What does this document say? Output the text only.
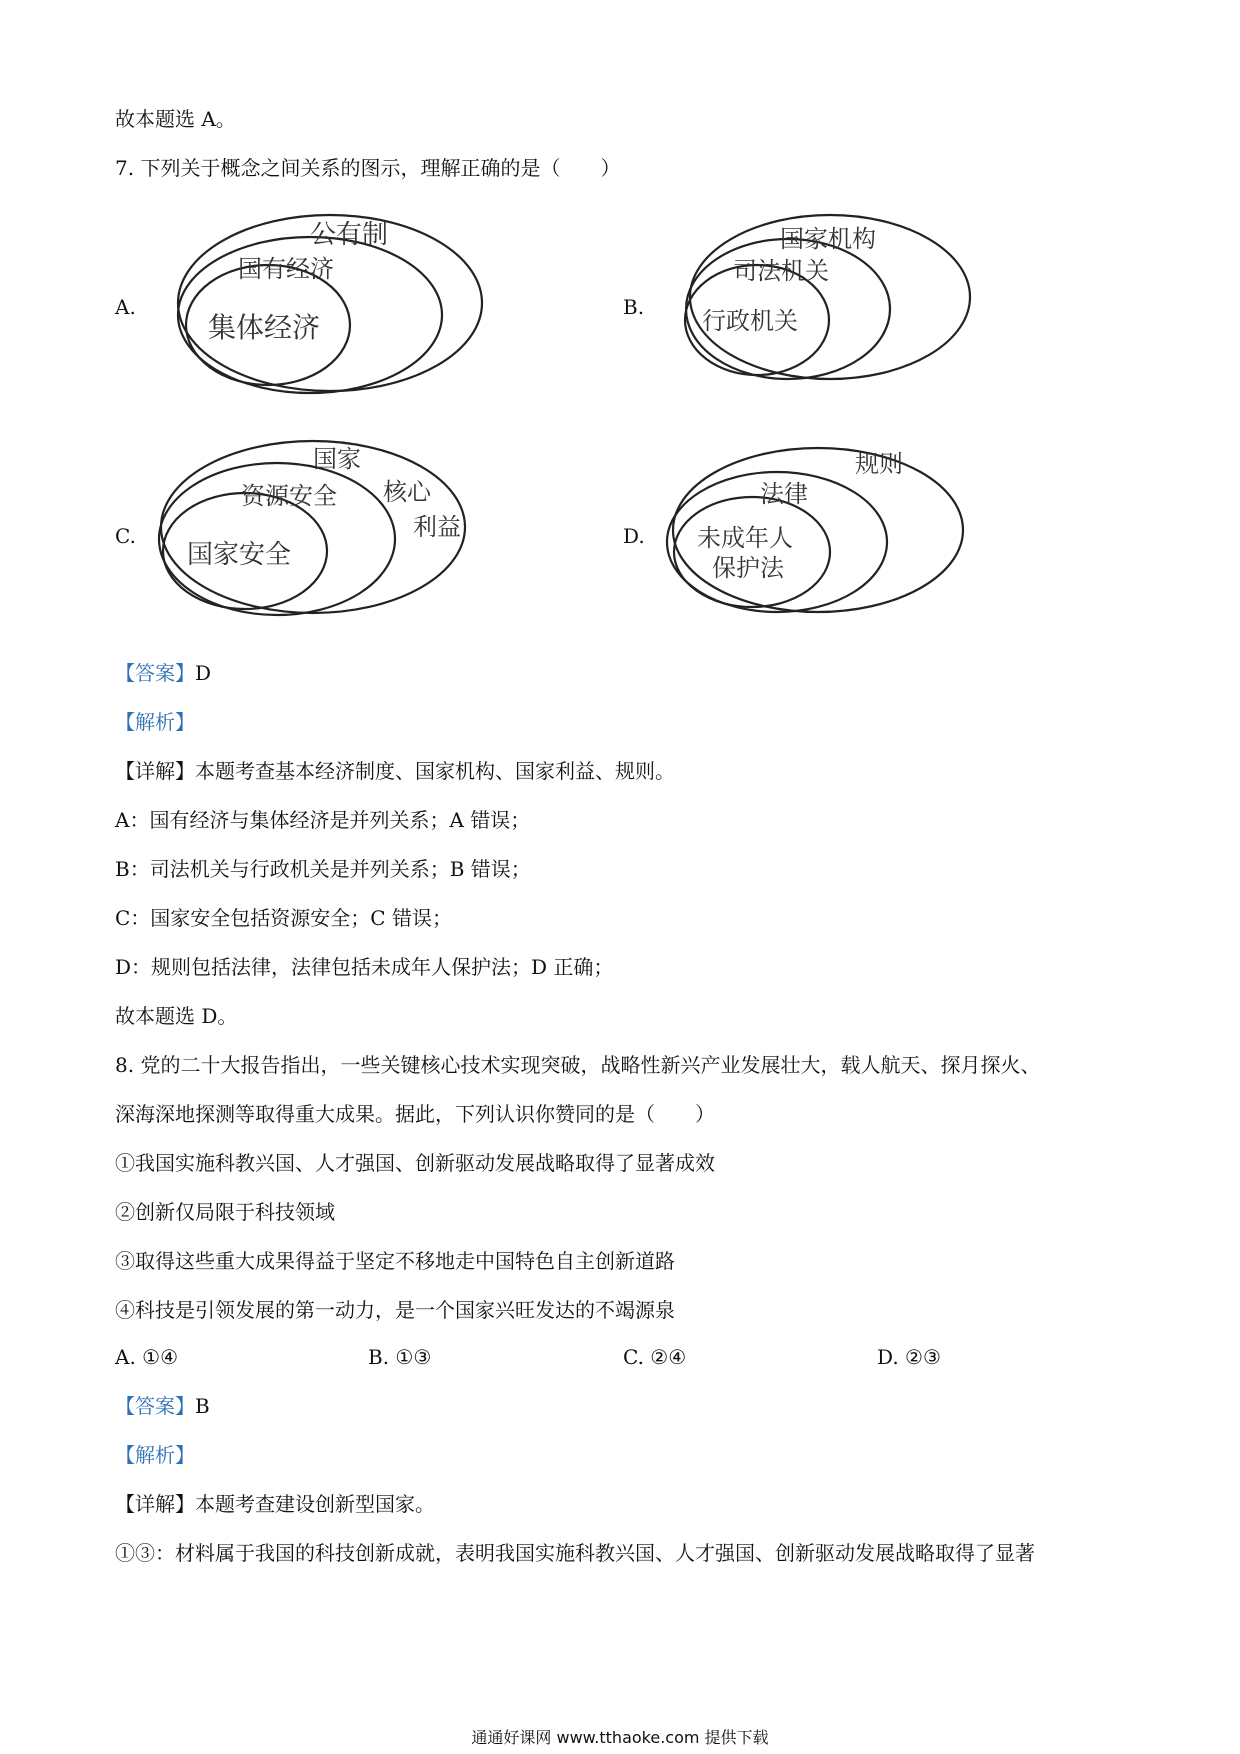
故本题选 A。
7. 下列关于概念之间关系的图示，理解正确的是（　　）
A.
公有制
国有经济
集体经济
B.
国家机构
司法机关
行政机关
C.
国家
核心
利益
资源安全
国家安全
D.
规则
法律
未成年人
保护法
【答案】D
【解析】
【详解】本题考查基本经济制度、国家机构、国家利益、规则。
A：国有经济与集体经济是并列关系；A 错误；
B：司法机关与行政机关是并列关系；B 错误；
C：国家安全包括资源安全；C 错误；
D：规则包括法律，法律包括未成年人保护法；D 正确；
故本题选 D。
8. 党的二十大报告指出，一些关键核心技术实现突破，战略性新兴产业发展壮大，载人航天、探月探火、
深海深地探测等取得重大成果。据此，下列认识你赞同的是（　　）
①我国实施科教兴国、人才强国、创新驱动发展战略取得了显著成效
②创新仅局限于科技领域
③取得这些重大成果得益于坚定不移地走中国特色自主创新道路
④科技是引领发展的第一动力，是一个国家兴旺发达的不竭源泉
A. ①④	B. ①③	C. ②④	D. ②③
【答案】B
【解析】
【详解】本题考查建设创新型国家。
①③：材料属于我国的科技创新成就，表明我国实施科教兴国、人才强国、创新驱动发展战略取得了显著
通通好课网 www.tthaoke.com 提供下载
